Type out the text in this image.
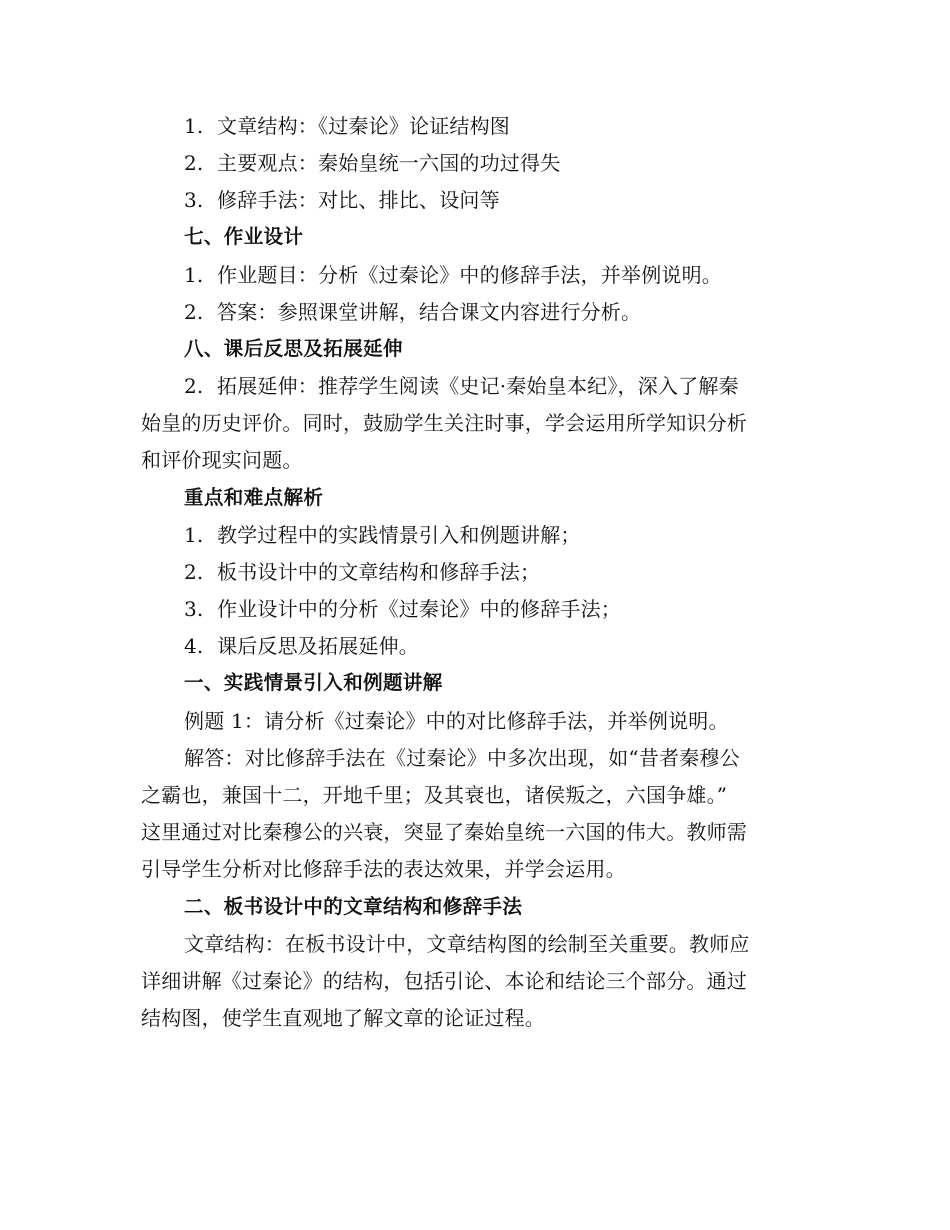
1. 文章结构：《过秦论》论证结构图
2. 主要观点：秦始皇统一六国的功过得失
3. 修辞手法：对比、排比、设问等
七、作业设计
1. 作业题目：分析《过秦论》中的修辞手法，并举例说明。
2. 答案：参照课堂讲解，结合课文内容进行分析。
八、课后反思及拓展延伸
2. 拓展延伸：推荐学生阅读《史记·秦始皇本纪》，深入了解秦
始皇的历史评价。同时，鼓励学生关注时事，学会运用所学知识分析
和评价现实问题。
重点和难点解析
1. 教学过程中的实践情景引入和例题讲解；
2. 板书设计中的文章结构和修辞手法；
3. 作业设计中的分析《过秦论》中的修辞手法；
4. 课后反思及拓展延伸。
一、实践情景引入和例题讲解
例题 1：请分析《过秦论》中的对比修辞手法，并举例说明。
解答：对比修辞手法在《过秦论》中多次出现，如“昔者秦穆公
之霸也，兼国十二，开地千里；及其衰也，诸侯叛之，六国争雄。”
这里通过对比秦穆公的兴衰，突显了秦始皇统一六国的伟大。教师需
引导学生分析对比修辞手法的表达效果，并学会运用。
二、板书设计中的文章结构和修辞手法
文章结构：在板书设计中，文章结构图的绘制至关重要。教师应
详细讲解《过秦论》的结构，包括引论、本论和结论三个部分。通过
结构图，使学生直观地了解文章的论证过程。
